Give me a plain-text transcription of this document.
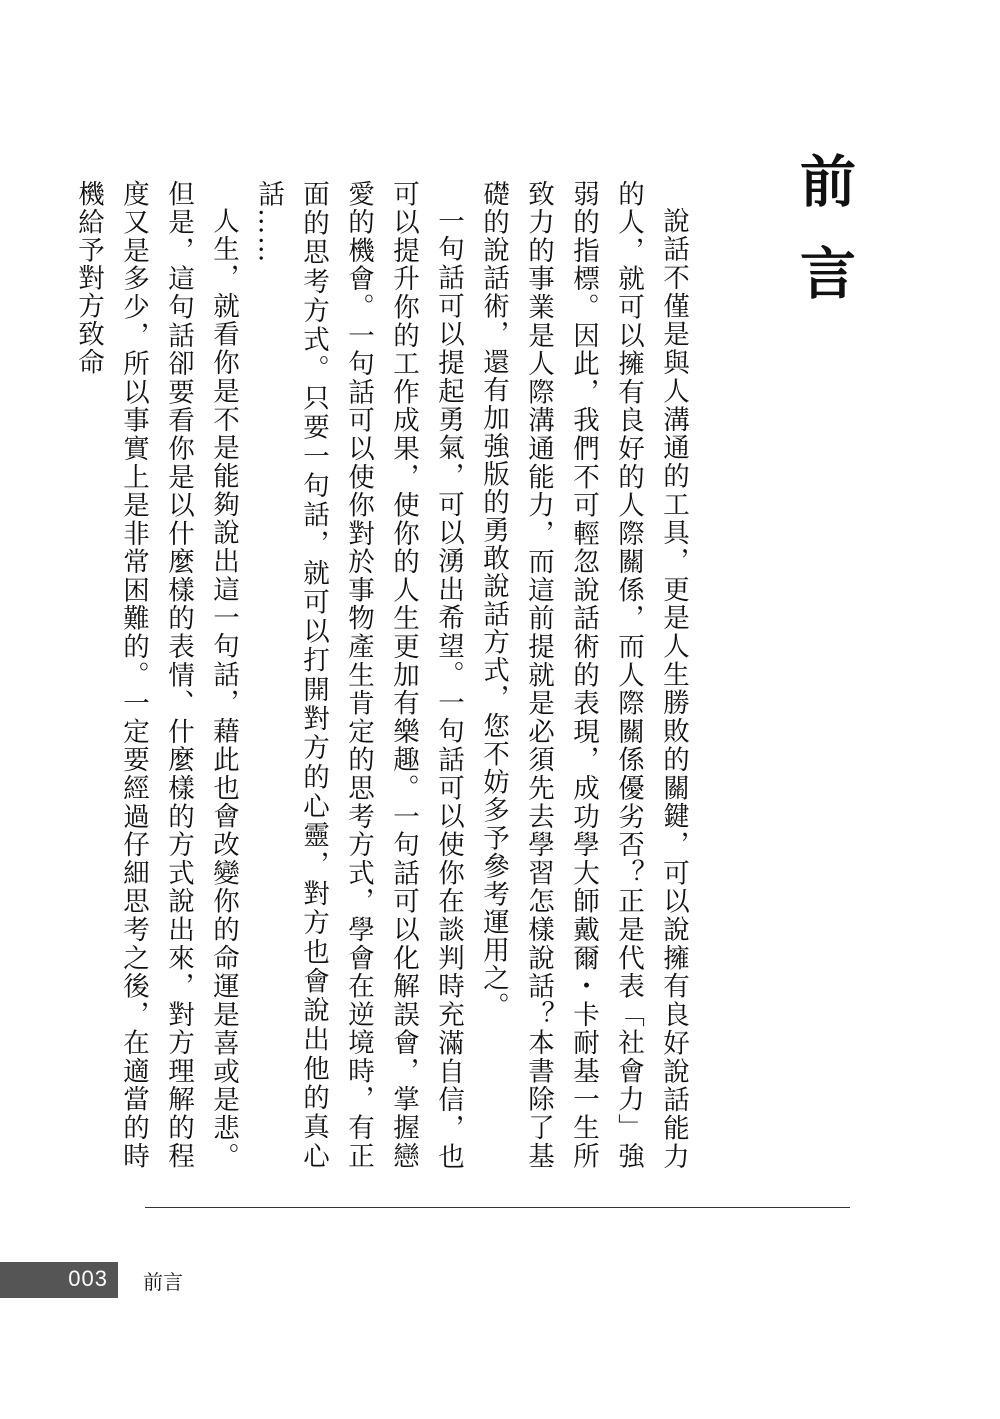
前言

說話不僅是與人溝通的工具，更是人生勝敗的關鍵，可以說擁有良好說話能力的人，就可以擁有良好的人際關係，而人際關係優劣否？正是代表「社會力」強弱的指標。因此，我們不可輕忽說話術的表現，成功學大師戴爾・卡耐基一生所致力的事業是人際溝通能力，而這前提就是必須先去學習怎樣說話？本書除了基礎的說話術，還有加強版的勇敢說話方式，您不妨多予參考運用之。

一句話可以提起勇氣，可以湧出希望。一句話可以使你在談判時充滿自信，也可以提升你的工作成果，使你的人生更加有樂趣。一句話可以化解誤會，掌握戀愛的機會。一句話可以使你對於事物產生肯定的思考方式，學會在逆境時，有正面的思考方式。只要一句話，就可以打開對方的心靈，對方也會說出他的真心話……

人生，就看你是不是能夠說出這一句話，藉此也會改變你的命運是喜或是悲。但是，這句話卻要看你是以什麼樣的表情、什麼樣的方式說出來，對方理解的程度又是多少，所以事實上是非常困難的。一定要經過仔細思考之後，在適當的時機給予對方致命

003 前言
